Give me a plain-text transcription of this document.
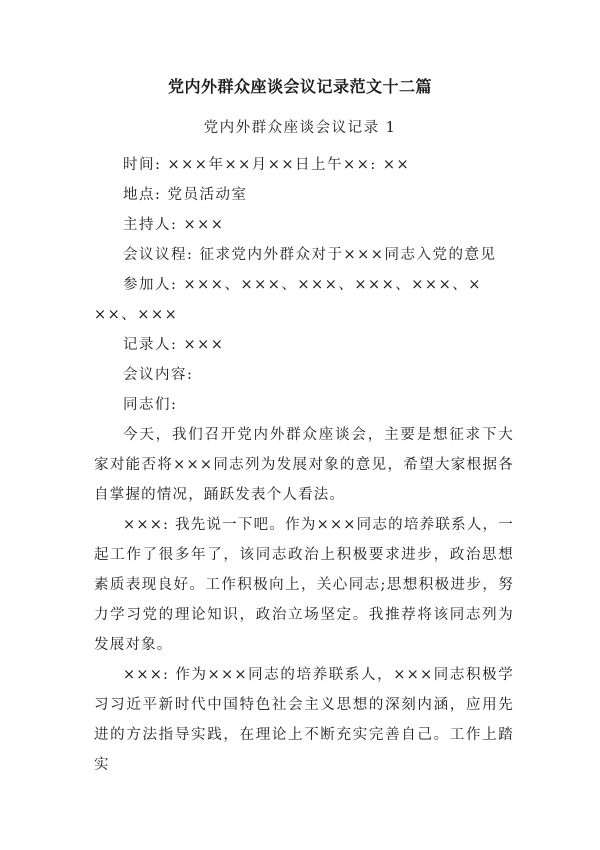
党内外群众座谈会议记录范文十二篇
党内外群众座谈会议记录 1
时间: ×××年××月××日上午××: ××
地点: 党员活动室
主持人: ×××
会议议程: 征求党内外群众对于×××同志入党的意见
参加人: ×××、×××、×××、×××、×××、×
××、×××
记录人: ×××
会议内容:
同志们:
今天，我们召开党内外群众座谈会，主要是想征求下大家对能否将×××同志列为发展对象的意见，希望大家根据各自掌握的情况，踊跃发表个人看法。
×××: 我先说一下吧。作为×××同志的培养联系人，一起工作了很多年了，该同志政治上积极要求进步，政治思想素质表现良好。工作积极向上，关心同志;思想积极进步，努力学习党的理论知识，政治立场坚定。我推荐将该同志列为发展对象。
×××: 作为×××同志的培养联系人，×××同志积极学习习近平新时代中国特色社会主义思想的深刻内涵，应用先进的方法指导实践，在理论上不断充实完善自己。工作上踏实
